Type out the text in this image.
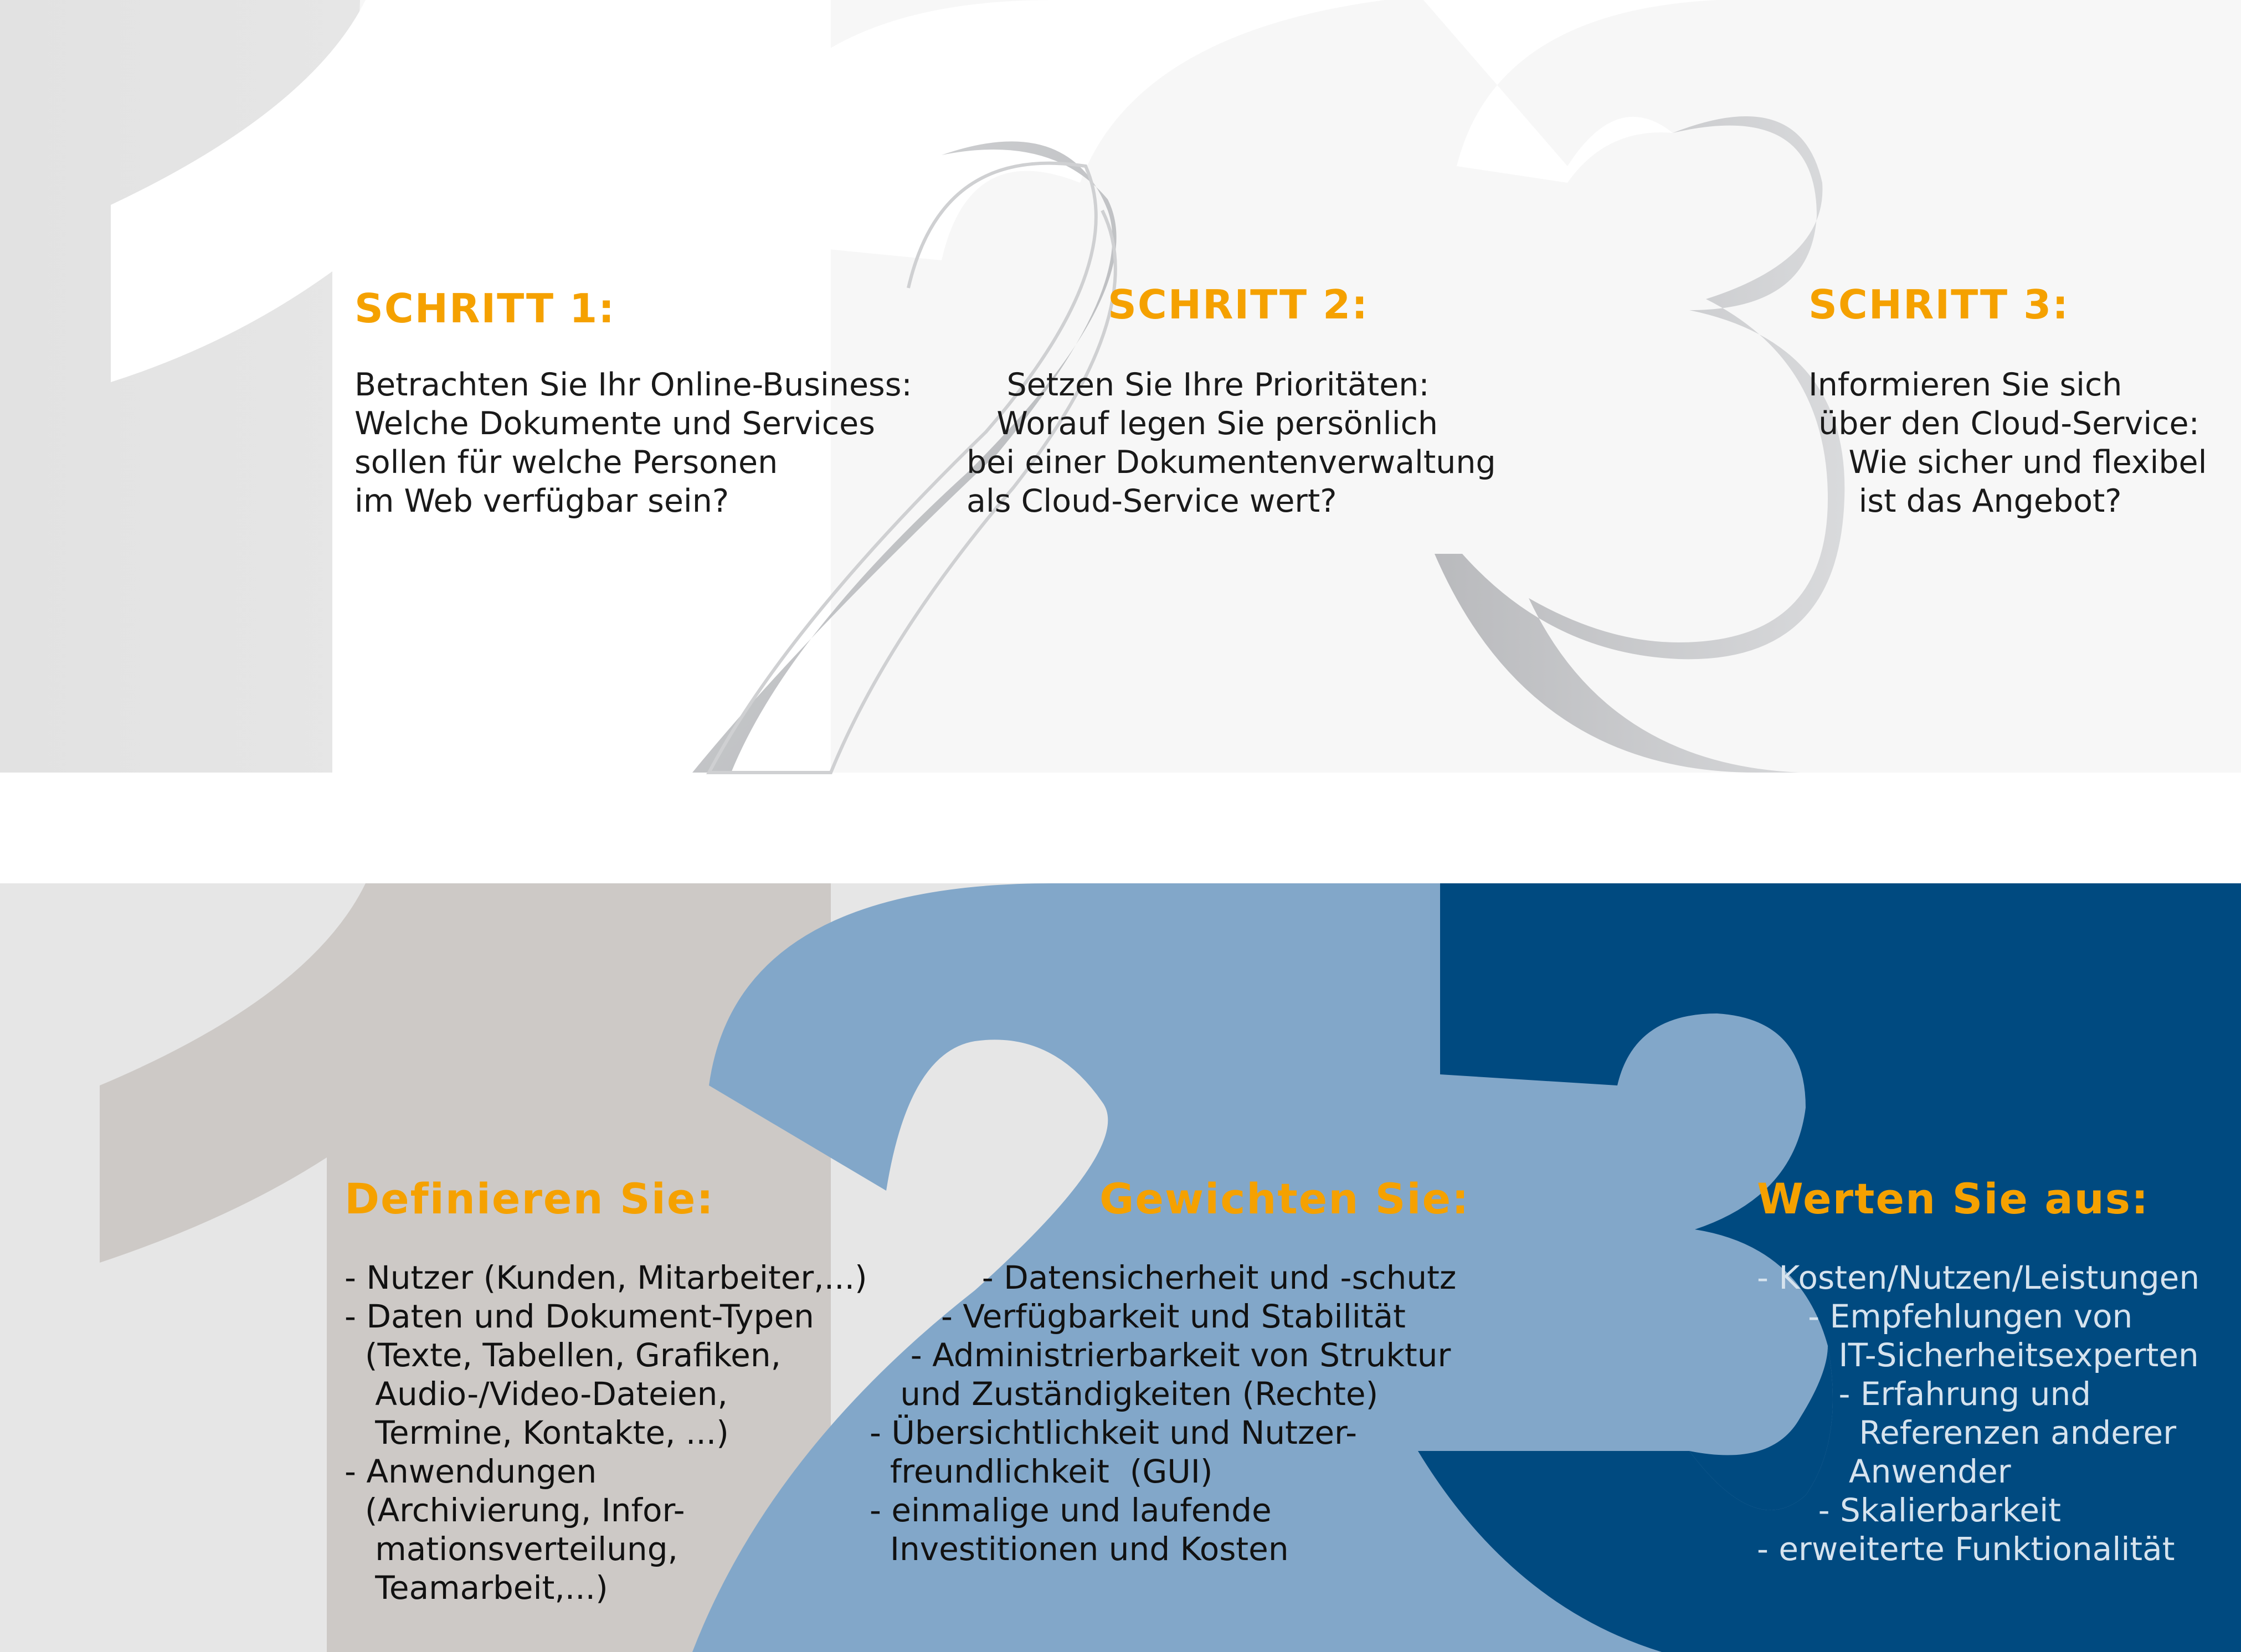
SCHRITT 1:
Betrachten Sie Ihr Online-Business:
Welche Dokumente und Services
sollen für welche Personen
im Web verfügbar sein?
SCHRITT 2:
Setzen Sie Ihre Prioritäten:
Worauf legen Sie persönlich
bei einer Dokumentenverwaltung
als Cloud-Service wert?
SCHRITT 3:
Informieren Sie sich
über den Cloud-Service:
Wie sicher und flexibel
ist das Angebot?
Definieren Sie:
- Nutzer (Kunden, Mitarbeiter,...)
- Daten und Dokument-Typen
(Texte, Tabellen, Grafiken,
Audio-/Video-Dateien,
Termine, Kontakte, ...)
- Anwendungen
(Archivierung, Infor-
mationsverteilung,
Teamarbeit,...)
Gewichten Sie:
- Datensicherheit und -schutz
- Verfügbarkeit und Stabilität
- Administrierbarkeit von Struktur
und Zuständigkeiten (Rechte)
- Übersichtlichkeit und Nutzer-
freundlichkeit  (GUI)
- einmalige und laufende
Investitionen und Kosten
Werten Sie aus:
- Kosten/Nutzen/Leistungen
- Empfehlungen von
IT-Sicherheitsexperten
- Erfahrung und
Referenzen anderer
Anwender
- Skalierbarkeit
- erweiterte Funktionalität
